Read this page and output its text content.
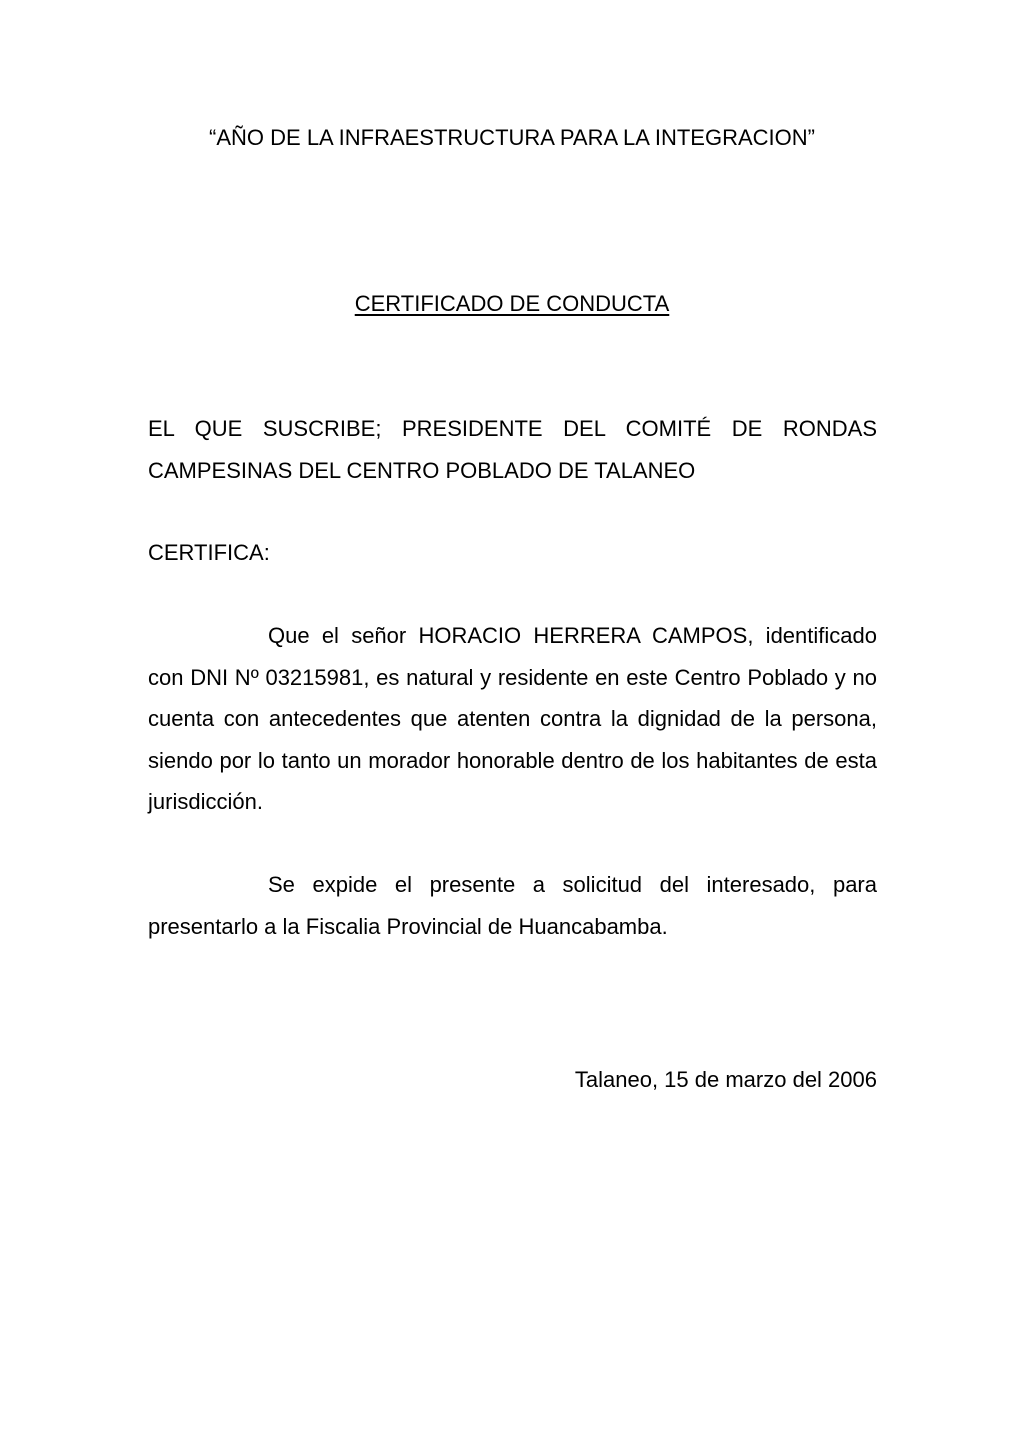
“AÑO DE LA INFRAESTRUCTURA PARA LA INTEGRACION”

CERTIFICADO DE CONDUCTA

EL QUE SUSCRIBE; PRESIDENTE DEL COMITÉ DE RONDAS CAMPESINAS DEL CENTRO POBLADO DE TALANEO

CERTIFICA:

Que el señor HORACIO HERRERA CAMPOS, identificado con DNI Nº 03215981, es natural y residente en este Centro Poblado y no cuenta con antecedentes que atenten contra la dignidad de la persona, siendo por lo tanto un morador honorable dentro de los habitantes de esta jurisdicción.

Se expide el presente a solicitud del interesado, para presentarlo a la Fiscalia Provincial de Huancabamba.

Talaneo, 15 de marzo del 2006
